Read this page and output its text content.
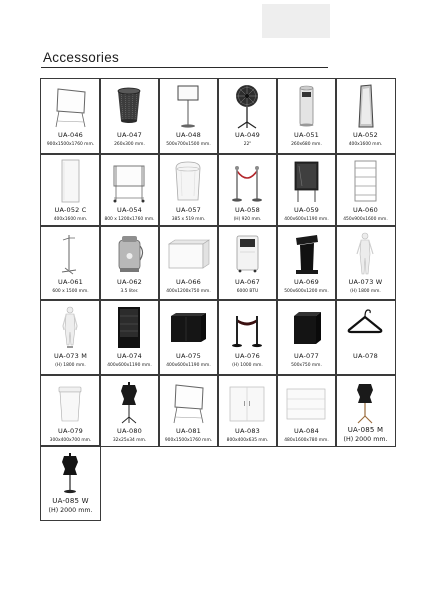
Accessories
UA-046
900x1500x1760 mm.
UA-047
260x300 mm.
UA-048
500x700x1500 mm.
UA-049
22"
UA-051
260x680 mm.
UA-052
400x1600 mm.
UA-052 C
400x1600 mm.
UA-054
800 x 1200x1760 mm.
UA-057
385 x 519 mm.
UA-058
(H) 920 mm.
UA-059
400x600x1190 mm.
UA-060
450x900x1600 mm.
UA-061
600 x 1500 mm.
UA-062
3.5 liter.
UA-066
400x1200x750 mm.
UA-067
6000 BTU
UA-069
500x600x1200 mm.
UA-073 W
(H) 1800 mm.
UA-073 M
(H) 1800 mm.
UA-074
400x600x1190 mm.
UA-075
400x600x1190 mm.
UA-076
(H) 1000 mm.
UA-077
500x750 mm.
UA-078
UA-079
300x400x700 mm.
UA-080
32x25x34 mm.
UA-081
900x1500x1760 mm.
UA-083
800x400x635 mm.
UA-084
480x1600x780 mm.
UA-085 M
(H) 2000 mm.
UA-085 W
(H) 2000 mm.
